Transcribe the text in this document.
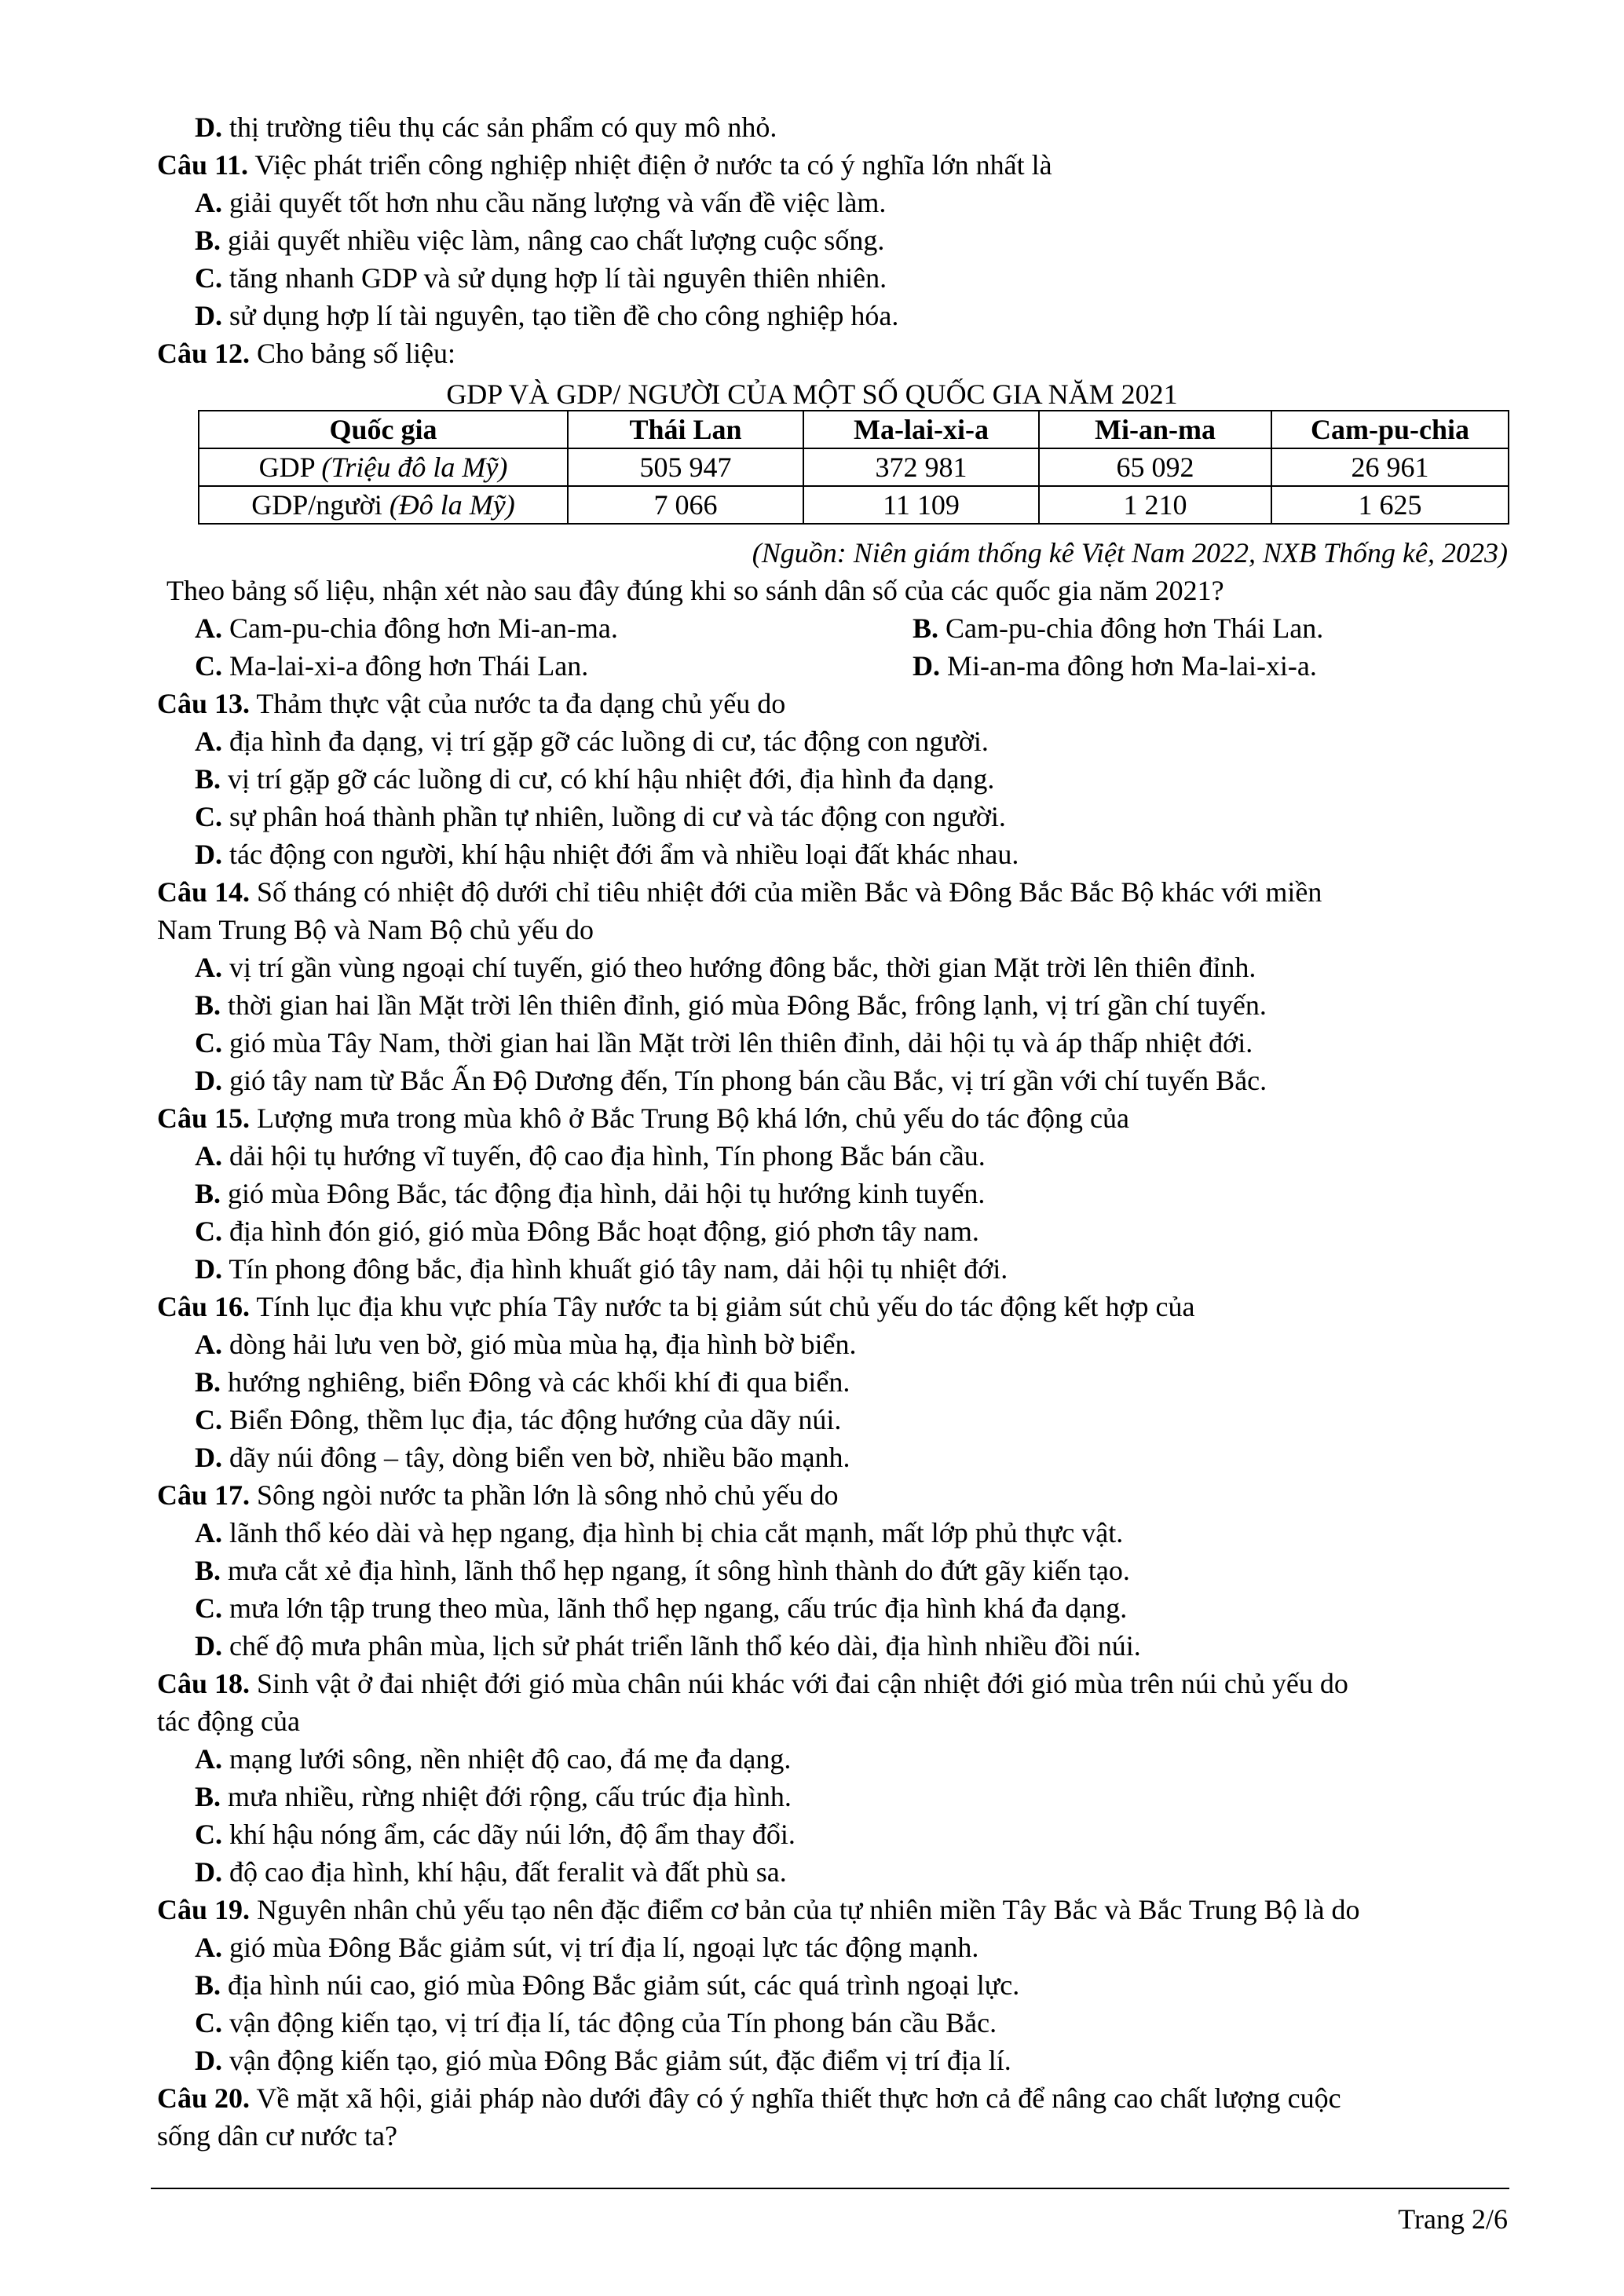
D. thị trường tiêu thụ các sản phẩm có quy mô nhỏ.
Câu 11. Việc phát triển công nghiệp nhiệt điện ở nước ta có ý nghĩa lớn nhất là
A. giải quyết tốt hơn nhu cầu năng lượng và vấn đề việc làm.
B. giải quyết nhiều việc làm, nâng cao chất lượng cuộc sống.
C. tăng nhanh GDP và sử dụng hợp lí tài nguyên thiên nhiên.
D. sử dụng hợp lí tài nguyên, tạo tiền đề cho công nghiệp hóa.
Câu 12. Cho bảng số liệu:
GDP VÀ GDP/ NGƯỜI CỦA MỘT SỐ QUỐC GIA NĂM 2021
Quốc gia	Thái Lan	Ma-lai-xi-a	Mi-an-ma	Cam-pu-chia
GDP (Triệu đô la Mỹ)	505 947	372 981	65 092	26 961
GDP/người (Đô la Mỹ)	7 066	11 109	1 210	1 625
(Nguồn: Niên giám thống kê Việt Nam 2022, NXB Thống kê, 2023)
Theo bảng số liệu, nhận xét nào sau đây đúng khi so sánh dân số của các quốc gia năm 2021?
A. Cam-pu-chia đông hơn Mi-an-ma.	B. Cam-pu-chia đông hơn Thái Lan.
C. Ma-lai-xi-a đông hơn Thái Lan.	D. Mi-an-ma đông hơn Ma-lai-xi-a.
Câu 13. Thảm thực vật của nước ta đa dạng chủ yếu do
A. địa hình đa dạng, vị trí gặp gỡ các luồng di cư, tác động con người.
B. vị trí gặp gỡ các luồng di cư, có khí hậu nhiệt đới, địa hình đa dạng.
C. sự phân hoá thành phần tự nhiên, luồng di cư và tác động con người.
D. tác động con người, khí hậu nhiệt đới ẩm và nhiều loại đất khác nhau.
Câu 14. Số tháng có nhiệt độ dưới chỉ tiêu nhiệt đới của miền Bắc và Đông Bắc Bắc Bộ khác với miền
Nam Trung Bộ và Nam Bộ chủ yếu do
A. vị trí gần vùng ngoại chí tuyến, gió theo hướng đông bắc, thời gian Mặt trời lên thiên đỉnh.
B. thời gian hai lần Mặt trời lên thiên đỉnh, gió mùa Đông Bắc, frông lạnh, vị trí gần chí tuyến.
C. gió mùa Tây Nam, thời gian hai lần Mặt trời lên thiên đỉnh, dải hội tụ và áp thấp nhiệt đới.
D. gió tây nam từ Bắc Ấn Độ Dương đến, Tín phong bán cầu Bắc, vị trí gần với chí tuyến Bắc.
Câu 15. Lượng mưa trong mùa khô ở Bắc Trung Bộ khá lớn, chủ yếu do tác động của
A. dải hội tụ hướng vĩ tuyến, độ cao địa hình, Tín phong Bắc bán cầu.
B. gió mùa Đông Bắc, tác động địa hình, dải hội tụ hướng kinh tuyến.
C. địa hình đón gió, gió mùa Đông Bắc hoạt động, gió phơn tây nam.
D. Tín phong đông bắc, địa hình khuất gió tây nam, dải hội tụ nhiệt đới.
Câu 16. Tính lục địa khu vực phía Tây nước ta bị giảm sút chủ yếu do tác động kết hợp của
A. dòng hải lưu ven bờ, gió mùa mùa hạ, địa hình bờ biển.
B. hướng nghiêng, biển Đông và các khối khí đi qua biển.
C. Biển Đông, thềm lục địa, tác động hướng của dãy núi.
D. dãy núi đông – tây, dòng biển ven bờ, nhiều bão mạnh.
Câu 17. Sông ngòi nước ta phần lớn là sông nhỏ chủ yếu do
A. lãnh thổ kéo dài và hẹp ngang, địa hình bị chia cắt mạnh, mất lớp phủ thực vật.
B. mưa cắt xẻ địa hình, lãnh thổ hẹp ngang, ít sông hình thành do đứt gãy kiến tạo.
C. mưa lớn tập trung theo mùa, lãnh thổ hẹp ngang, cấu trúc địa hình khá đa dạng.
D. chế độ mưa phân mùa, lịch sử phát triển lãnh thổ kéo dài, địa hình nhiều đồi núi.
Câu 18. Sinh vật ở đai nhiệt đới gió mùa chân núi khác với đai cận nhiệt đới gió mùa trên núi chủ yếu do
tác động của
A. mạng lưới sông, nền nhiệt độ cao, đá mẹ đa dạng.
B. mưa nhiều, rừng nhiệt đới rộng, cấu trúc địa hình.
C. khí hậu nóng ẩm, các dãy núi lớn, độ ẩm thay đổi.
D. độ cao địa hình, khí hậu, đất feralit và đất phù sa.
Câu 19. Nguyên nhân chủ yếu tạo nên đặc điểm cơ bản của tự nhiên miền Tây Bắc và Bắc Trung Bộ là do
A. gió mùa Đông Bắc giảm sút, vị trí địa lí, ngoại lực tác động mạnh.
B. địa hình núi cao, gió mùa Đông Bắc giảm sút, các quá trình ngoại lực.
C. vận động kiến tạo, vị trí địa lí, tác động của Tín phong bán cầu Bắc.
D. vận động kiến tạo, gió mùa Đông Bắc giảm sút, đặc điểm vị trí địa lí.
Câu 20. Về mặt xã hội, giải pháp nào dưới đây có ý nghĩa thiết thực hơn cả để nâng cao chất lượng cuộc
sống dân cư nước ta?
Trang 2/6
